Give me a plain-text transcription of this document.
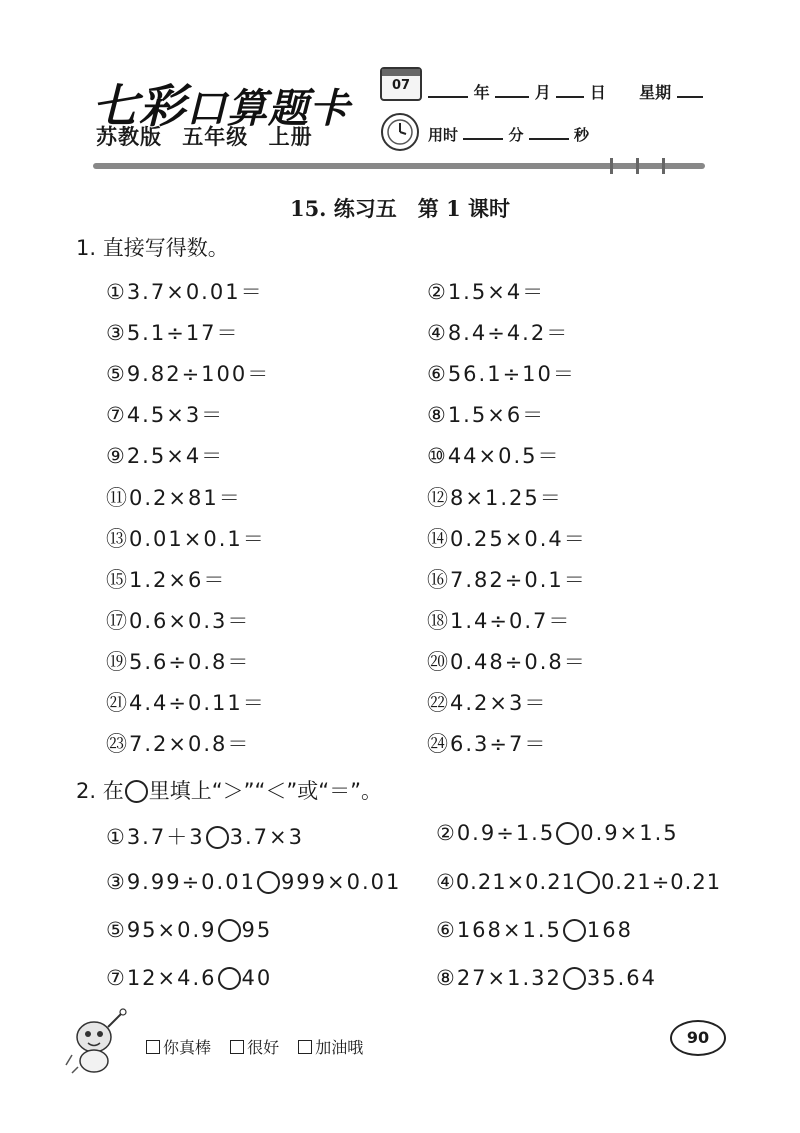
七彩口算题卡
苏教版 五年级 上册
07	年	月 日 星期
用时	分	秒
15. 练习五　第 1 课时
1. 直接写得数。
①3.7×0.01＝	②1.5×4＝
③5.1÷17＝	④8.4÷4.2＝
⑤9.82÷100＝	⑥56.1÷10＝
⑦4.5×3＝	⑧1.5×6＝
⑨2.5×4＝	⑩44×0.5＝
⑪0.2×81＝	⑫8×1.25＝
⑬0.01×0.1＝	⑭0.25×0.4＝
⑮1.2×6＝	⑯7.82÷0.1＝
⑰0.6×0.3＝	⑱1.4÷0.7＝
⑲5.6÷0.8＝	⑳0.48÷0.8＝
㉑4.4÷0.11＝	㉒4.2×3＝
㉓7.2×0.8＝	㉔6.3÷7＝
2. 在 里填上“＞”“＜”或“＝”。
①3.7＋3 3.7×3	②0.9÷1.5 0.9×1.5
③9.99÷0.01 999×0.01 ④0.21×0.21 0.21÷0.21
⑤95×0.9 95	⑥168×1.5 168
⑦12×4.6 40	⑧27×1.32 35.64
你真棒 很好 加油哦
90
